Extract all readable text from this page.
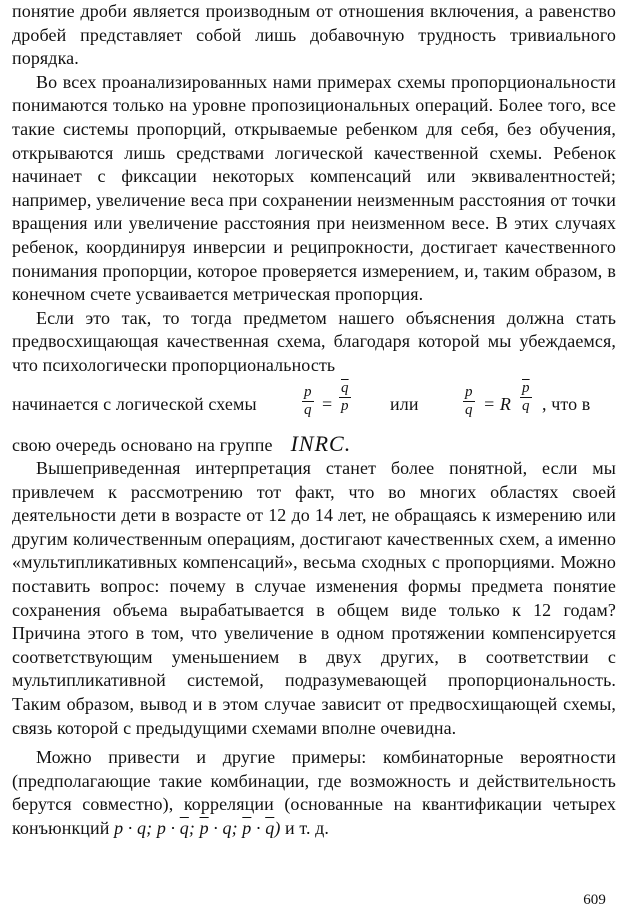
понятие дроби является производным от отношения включения, а равенство дробей представляет собой лишь добавочную трудность тривиального порядка.

Во всех проанализированных нами примерах схемы пропорциональности понимаются только на уровне пропозициональных операций. Более того, все такие системы пропорций, открываемые ребенком для себя, без обучения, открываются лишь средствами логической качественной схемы. Ребенок начинает с фиксации некоторых компенсаций или эквивалентностей; например, увеличение веса при сохранении неизменным расстояния от точки вращения или увеличение расстояния при неизменном весе. В этих случаях ребенок, координируя инверсии и реципрокности, достигает качественного понимания пропорции, которое проверяется измерением, и, таким образом, в конечном счете усваивается метрическая пропорция.

Если это так, то тогда предметом нашего объяснения должна стать предвосхищающая качественная схема, благодаря которой мы убеждаемся, что психологически пропорциональность

начинается с логической схемы	$\frac{p}{q} = \frac{\overline{q}}{p}$ или	$\frac{p}{q} = R \frac{\overline{p}}{q}$ , что в

свою очередь основано на группе INRC.

Вышеприведенная интерпретация станет более понятной, если мы привлечем к рассмотрению тот факт, что во многих областях своей деятельности дети в возрасте от 12 до 14 лет, не обращаясь к измерению или другим количественным операциям, достигают качественных схем, а именно «мультипликативных компенсаций», весьма сходных с пропорциями. Можно поставить вопрос: почему в случае изменения формы предмета понятие сохранения объема вырабатывается в общем виде только к 12 годам? Причина этого в том, что увеличение в одном протяжении компенсируется соответствующим уменьшением в двух других, в соответствии с мультипликативной системой, подразумевающей пропорциональность. Таким образом, вывод и в этом случае зависит от предвосхищающей схемы, связь которой с предыдущими схемами вполне очевидна.

Можно привести и другие примеры: комбинаторные вероятности (предполагающие такие комбинации, где возможность и действительность берутся совместно), корреляции (основанные на квантификации четырех конъюнкций p · q; $p \cdot \overline{q}$; $\overline{p} \cdot q$; $\overline{p} \cdot \overline{q}$) и т. д.

609
